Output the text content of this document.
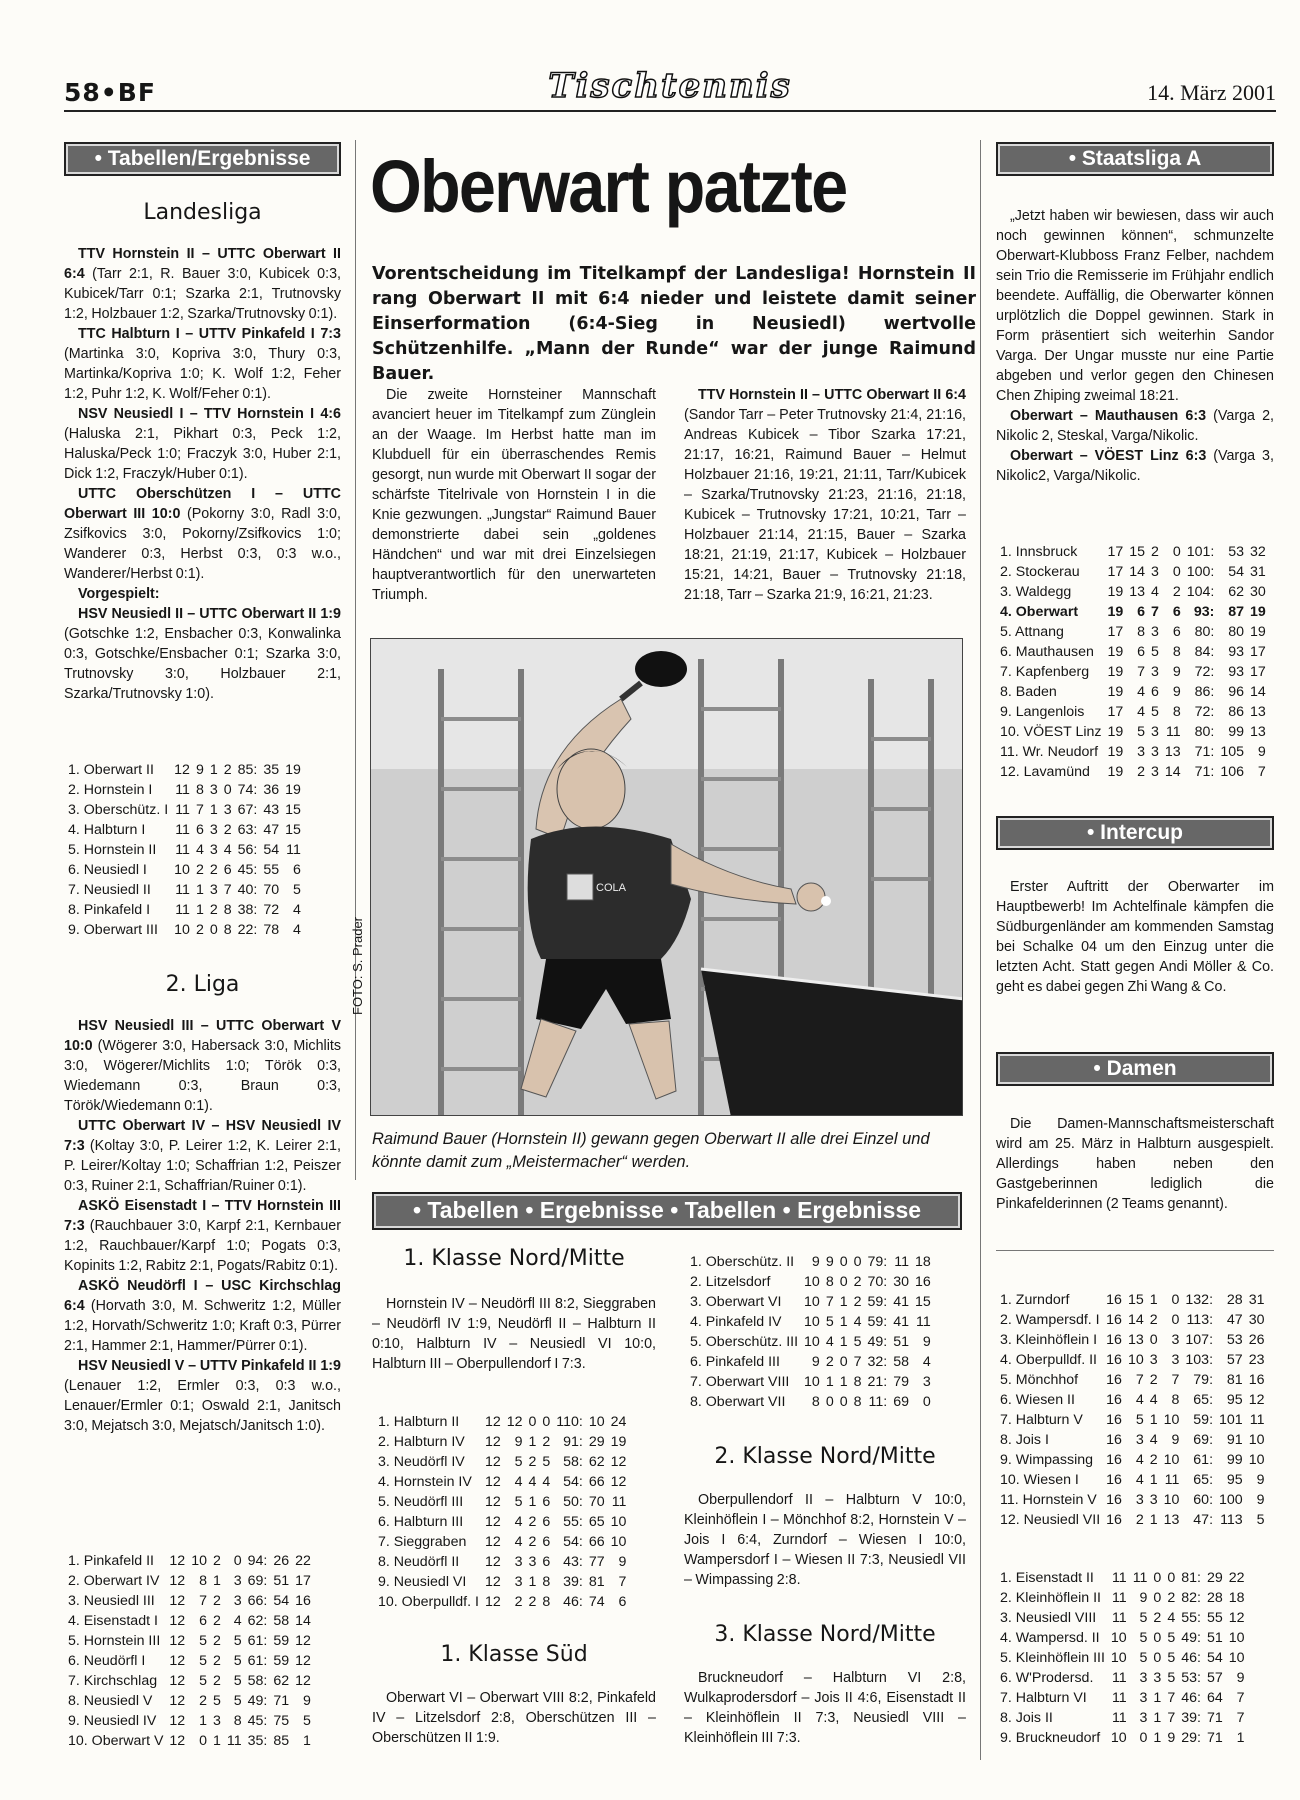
58•BF	Tischtennis	14. März 2001
• Tabellen/Ergebnisse
Landesliga

TTV Hornstein II – UTTC Oberwart II 6:4 (Tarr 2:1, R. Bauer 3:0, Kubicek 0:3, Kubicek/Tarr 0:1; Szarka 2:1, Trutnovsky 1:2, Holzbauer 1:2, Szarka/Trutnovsky 0:1).

TTC Halbturn I – UTTV Pinkafeld I 7:3 (Martinka 3:0, Kopriva 3:0, Thury 0:3, Martinka/Kopriva 1:0; K. Wolf 1:2, Feher 1:2, Puhr 1:2, K. Wolf/Feher 0:1).

NSV Neusiedl I – TTV Hornstein I 4:6 (Haluska 2:1, Pikhart 0:3, Peck 1:2, Haluska/Peck 1:0; Fraczyk 3:0, Huber 2:1, Dick 1:2, Fraczyk/Huber 0:1).

UTTC Oberschützen I – UTTC Oberwart III 10:0 (Pokorny 3:0, Radl 3:0, Zsifkovics 3:0, Pokorny/Zsifkovics 1:0; Wanderer 0:3, Herbst 0:3, 0:3 w.o., Wanderer/Herbst 0:1).

Vorgespielt:

HSV Neusiedl II – UTTC Oberwart II 1:9 (Gotschke 1:2, Ensbacher 0:3, Konwalinka 0:3, Gotschke/Ensbacher 0:1; Szarka 3:0, Trutnovsky 3:0, Holzbauer 2:1, Szarka/Trutnovsky 1:0).

1. Oberwart II	12	9	1	2	85:	35	19
2. Hornstein I	11	8	3	0	74:	36	19
3. Oberschütz. I	11	7	1	3	67:	43	15
4. Halbturn I	11	6	3	2	63:	47	15
5. Hornstein II	11	4	3	4	56:	54	11
6. Neusiedl I	10	2	2	6	45:	55	6
7. Neusiedl II	11	1	3	7	40:	70	5
8. Pinkafeld I	11	1	2	8	38:	72	4
9. Oberwart III	10	2	0	8	22:	78	4
2. Liga

HSV Neusiedl III – UTTC Oberwart V 10:0 (Wögerer 3:0, Habersack 3:0, Michlits 3:0, Wögerer/Michlits 1:0; Török 0:3, Wiedemann 0:3, Braun 0:3, Török/Wiedemann 0:1).

UTTC Oberwart IV – HSV Neusiedl IV 7:3 (Koltay 3:0, P. Leirer 1:2, K. Leirer 2:1, P. Leirer/Koltay 1:0; Schaffrian 1:2, Peiszer 0:3, Ruiner 2:1, Schaffrian/Ruiner 0:1).

ASKÖ Eisenstadt I – TTV Hornstein III 7:3 (Rauchbauer 3:0, Karpf 2:1, Kernbauer 1:2, Rauchbauer/Karpf 1:0; Pogats 0:3, Kopinits 1:2, Rabitz 2:1, Pogats/Rabitz 0:1).

ASKÖ Neudörfl I – USC Kirchschlag 6:4 (Horvath 3:0, M. Schweritz 1:2, Müller 1:2, Horvath/Schweritz 1:0; Kraft 0:3, Pürrer 2:1, Hammer 2:1, Hammer/Pürrer 0:1).

HSV Neusiedl V – UTTV Pinkafeld II 1:9 (Lenauer 1:2, Ermler 0:3, 0:3 w.o., Lenauer/Ermler 0:1; Oswald 2:1, Janitsch 3:0, Mejatsch 3:0, Mejatsch/Janitsch 1:0).

1. Pinkafeld II	12	10	2	0	94:	26	22
2. Oberwart IV	12	8	1	3	69:	51	17
3. Neusiedl III	12	7	2	3	66:	54	16
4. Eisenstadt I	12	6	2	4	62:	58	14
5. Hornstein III	12	5	2	5	61:	59	12
6. Neudörfl I	12	5	2	5	61:	59	12
7. Kirchschlag	12	5	2	5	58:	62	12
8. Neusiedl V	12	2	5	5	49:	71	9
9. Neusiedl IV	12	1	3	8	45:	75	5
10. Oberwart V	12	0	1	11	35:	85	1
Oberwart patzte
Vorentscheidung im Titelkampf der Landesliga! Hornstein II rang Oberwart II mit 6:4 nieder und leistete damit seiner Einserformation (6:4-Sieg in Neusiedl) wertvolle Schützenhilfe. „Mann der Runde“ war der junge Raimund Bauer.

Die zweite Hornsteiner Mannschaft avanciert heuer im Titelkampf zum Zünglein an der Waage. Im Herbst hatte man im Klubduell für ein überraschendes Remis gesorgt, nun wurde mit Oberwart II sogar der schärfste Titelrivale von Hornstein I in die Knie gezwungen. „Jungstar“ Raimund Bauer demonstrierte dabei sein „goldenes Händchen“ und war mit drei Einzelsiegen hauptverantwortlich für den unerwarteten Triumph.

TTV Hornstein II – UTTC Oberwart II 6:4 (Sandor Tarr – Peter Trutnovsky 21:4, 21:16, Andreas Kubicek – Tibor Szarka 17:21, 21:17, 16:21, Raimund Bauer – Helmut Holzbauer 21:16, 19:21, 21:11, Tarr/Kubicek – Szarka/Trutnovsky 21:23, 21:16, 21:18, Kubicek – Trutnovsky 17:21, 10:21, Tarr – Holzbauer 21:14, 21:15, Bauer – Szarka 18:21, 21:19, 21:17, Kubicek – Holzbauer 15:21, 14:21, Bauer – Trutnovsky 21:18, 21:18, Tarr – Szarka 21:9, 16:21, 21:23.

COLA
FOTO: S. Prader
Raimund Bauer (Hornstein II) gewann gegen Oberwart II alle drei Einzel und könnte damit zum „Meistermacher“ werden.
• Tabellen • Ergebnisse • Tabellen • Ergebnisse
1. Klasse Nord/Mitte

Hornstein IV – Neudörfl III 8:2, Sieggraben – Neudörfl IV 1:9, Neudörfl II – Halbturn II 0:10, Halbturn IV – Neusiedl VI 10:0, Halbturn III – Oberpullendorf I 7:3.

1. Halbturn II	12	12	0	0	110:	10	24
2. Halbturn IV	12	9	1	2	91:	29	19
3. Neudörfl IV	12	5	2	5	58:	62	12
4. Hornstein IV	12	4	4	4	54:	66	12
5. Neudörfl III	12	5	1	6	50:	70	11
6. Halbturn III	12	4	2	6	55:	65	10
7. Sieggraben	12	4	2	6	54:	66	10
8. Neudörfl II	12	3	3	6	43:	77	9
9. Neusiedl VI	12	3	1	8	39:	81	7
10. Oberpulldf. I	12	2	2	8	46:	74	6
1. Klasse Süd

Oberwart VI – Oberwart VIII 8:2, Pinkafeld IV – Litzelsdorf 2:8, Oberschützen III – Oberschützen II 1:9.

1. Oberschütz. II	9	9	0	0	79:	11	18
2. Litzelsdorf	10	8	0	2	70:	30	16
3. Oberwart VI	10	7	1	2	59:	41	15
4. Pinkafeld IV	10	5	1	4	59:	41	11
5. Oberschütz. III	10	4	1	5	49:	51	9
6. Pinkafeld III	9	2	0	7	32:	58	4
7. Oberwart VIII	10	1	1	8	21:	79	3
8. Oberwart VII	8	0	0	8	11:	69	0
2. Klasse Nord/Mitte

Oberpullendorf II – Halbturn V 10:0, Kleinhöflein I – Mönchhof 8:2, Hornstein V – Jois I 6:4, Zurndorf – Wiesen I 10:0, Wampersdorf I – Wiesen II 7:3, Neusiedl VII – Wimpassing 2:8.

3. Klasse Nord/Mitte

Bruckneudorf – Halbturn VI 2:8, Wulkaprodersdorf – Jois II 4:6, Eisenstadt II – Kleinhöflein II 7:3, Neusiedl VIII – Kleinhöflein III 7:3.

• Staatsliga A

„Jetzt haben wir bewiesen, dass wir auch noch gewinnen können“, schmunzelte Oberwart-Klubboss Franz Felber, nachdem sein Trio die Remisserie im Frühjahr endlich beendete. Auffällig, die Oberwarter können urplötzlich die Doppel gewinnen. Stark in Form präsentiert sich weiterhin Sandor Varga. Der Ungar musste nur eine Partie abgeben und verlor gegen den Chinesen Chen Zhiping zweimal 18:21.

Oberwart – Mauthausen 6:3 (Varga 2, Nikolic 2, Steskal, Varga/Nikolic.

Oberwart – VÖEST Linz 6:3 (Varga 3, Nikolic2, Varga/Nikolic.

1. Innsbruck	17	15	2	0	101:	53	32
2. Stockerau	17	14	3	0	100:	54	31
3. Waldegg	19	13	4	2	104:	62	30
4. Oberwart	19	6	7	6	93:	87	19
5. Attnang	17	8	3	6	80:	80	19
6. Mauthausen	19	6	5	8	84:	93	17
7. Kapfenberg	19	7	3	9	72:	93	17
8. Baden	19	4	6	9	86:	96	14
9. Langenlois	17	4	5	8	72:	86	13
10. VÖEST Linz	19	5	3	11	80:	99	13
11. Wr. Neudorf	19	3	3	13	71:	105	9
12. Lavamünd	19	2	3	14	71:	106	7
• Intercup

Erster Auftritt der Oberwarter im Hauptbewerb! Im Achtelfinale kämpfen die Südburgenländer am kommenden Samstag bei Schalke 04 um den Einzug unter die letzten Acht. Statt gegen Andi Möller & Co. geht es dabei gegen Zhi Wang & Co.

• Damen

Die Damen-Mannschaftsmeisterschaft wird am 25. März in Halbturn ausgespielt. Allerdings haben neben den Gastgeberinnen lediglich die Pinkafelderinnen (2 Teams genannt).

1. Zurndorf	16	15	1	0	132:	28	31
2. Wampersdf. I	16	14	2	0	113:	47	30
3. Kleinhöflein I	16	13	0	3	107:	53	26
4. Oberpulldf. II	16	10	3	3	103:	57	23
5. Mönchhof	16	7	2	7	79:	81	16
6. Wiesen II	16	4	4	8	65:	95	12
7. Halbturn V	16	5	1	10	59:	101	11
8. Jois I	16	3	4	9	69:	91	10
9. Wimpassing	16	4	2	10	61:	99	10
10. Wiesen I	16	4	1	11	65:	95	9
11. Hornstein V	16	3	3	10	60:	100	9
12. Neusiedl VII	16	2	1	13	47:	113	5
1. Eisenstadt II	11	11	0	0	81:	29	22
2. Kleinhöflein II	11	9	0	2	82:	28	18
3. Neusiedl VIII	11	5	2	4	55:	55	12
4. Wampersd. II	10	5	0	5	49:	51	10
5. Kleinhöflein III	10	5	0	5	46:	54	10
6. W'Prodersd.	11	3	3	5	53:	57	9
7. Halbturn VI	11	3	1	7	46:	64	7
8. Jois II	11	3	1	7	39:	71	7
9. Bruckneudorf	10	0	1	9	29:	71	1
